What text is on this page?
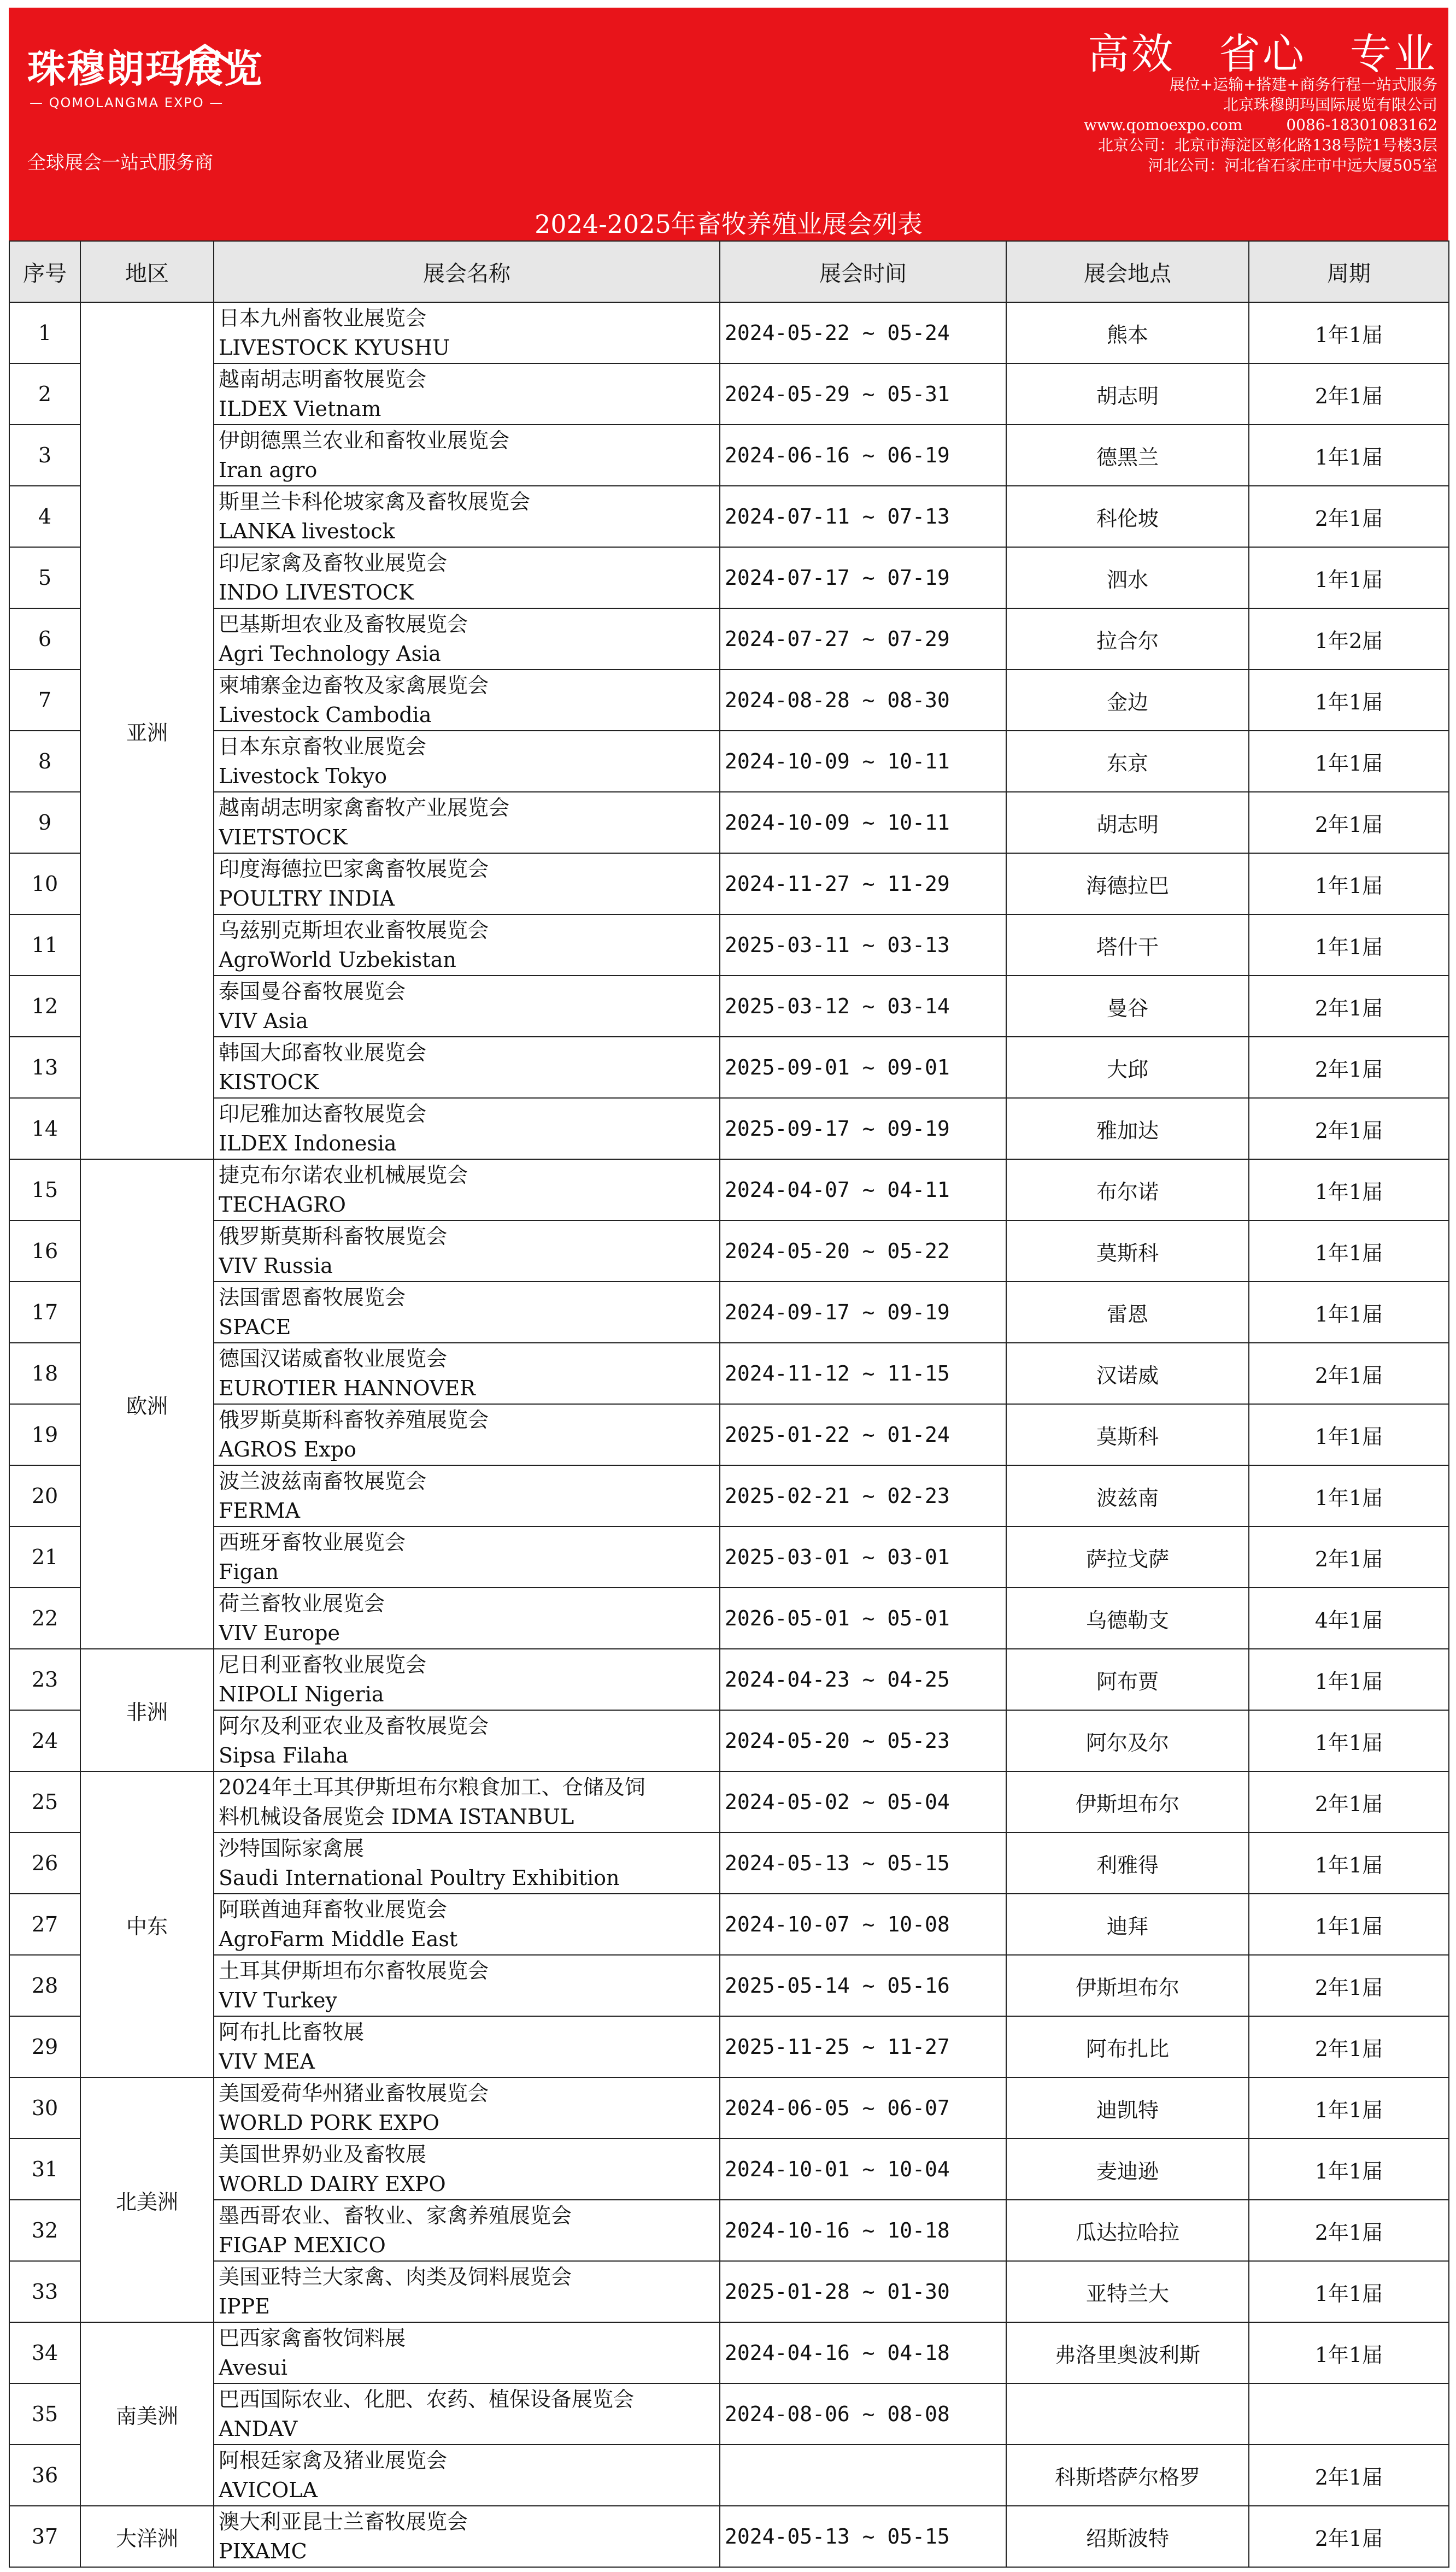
珠穆朗玛展览
— QOMOLANGMA EXPO —
全球展会一站式服务商
高效 省心 专业
展位+运输+搭建+商务行程一站式服务
北京珠穆朗玛国际展览有限公司
www.qomoexpo.com	0086-18301083162
北京公司：北京市海淀区彰化路138号院1号楼3层
河北公司：河北省石家庄市中远大厦505室
2024-2025年畜牧养殖业展会列表
序号	地区	展会名称	展会时间	展会地点	周期
1	亚洲	日本九州畜牧业展览会
LIVESTOCK KYUSHU	2024-05-22 ~ 05-24	熊本	1年1届
2		越南胡志明畜牧展览会
ILDEX Vietnam	2024-05-29 ~ 05-31	胡志明	2年1届
3		伊朗德黑兰农业和畜牧业展览会
Iran agro	2024-06-16 ~ 06-19	德黑兰	1年1届
4		斯里兰卡科伦坡家禽及畜牧展览会
LANKA livestock	2024-07-11 ~ 07-13	科伦坡	2年1届
5		印尼家禽及畜牧业展览会
INDO LIVESTOCK	2024-07-17 ~ 07-19	泗水	1年1届
6		巴基斯坦农业及畜牧展览会
Agri Technology Asia	2024-07-27 ~ 07-29	拉合尔	1年2届
7		柬埔寨金边畜牧及家禽展览会
Livestock Cambodia	2024-08-28 ~ 08-30	金边	1年1届
8		日本东京畜牧业展览会
Livestock Tokyo	2024-10-09 ~ 10-11	东京	1年1届
9		越南胡志明家禽畜牧产业展览会
VIETSTOCK	2024-10-09 ~ 10-11	胡志明	2年1届
10		印度海德拉巴家禽畜牧展览会
POULTRY INDIA	2024-11-27 ~ 11-29	海德拉巴	1年1届
11		乌兹别克斯坦农业畜牧展览会
AgroWorld Uzbekistan	2025-03-11 ~ 03-13	塔什干	1年1届
12		泰国曼谷畜牧展览会
VIV Asia	2025-03-12 ~ 03-14	曼谷	2年1届
13		韩国大邱畜牧业展览会
KISTOCK	2025-09-01 ~ 09-01	大邱	2年1届
14		印尼雅加达畜牧展览会
ILDEX Indonesia	2025-09-17 ~ 09-19	雅加达	2年1届
15	欧洲	捷克布尔诺农业机械展览会
TECHAGRO	2024-04-07 ~ 04-11	布尔诺	1年1届
16		俄罗斯莫斯科畜牧展览会
VIV Russia	2024-05-20 ~ 05-22	莫斯科	1年1届
17		法国雷恩畜牧展览会
SPACE	2024-09-17 ~ 09-19	雷恩	1年1届
18		德国汉诺威畜牧业展览会
EUROTIER HANNOVER	2024-11-12 ~ 11-15	汉诺威	2年1届
19		俄罗斯莫斯科畜牧养殖展览会
AGROS Expo	2025-01-22 ~ 01-24	莫斯科	1年1届
20		波兰波兹南畜牧展览会
FERMA	2025-02-21 ~ 02-23	波兹南	1年1届
21		西班牙畜牧业展览会
Figan	2025-03-01 ~ 03-01	萨拉戈萨	2年1届
22		荷兰畜牧业展览会
VIV Europe	2026-05-01 ~ 05-01	乌德勒支	4年1届
23	非洲	尼日利亚畜牧业展览会
NIPOLI Nigeria	2024-04-23 ~ 04-25	阿布贾	1年1届
24		阿尔及利亚农业及畜牧展览会
Sipsa Filaha	2024-05-20 ~ 05-23	阿尔及尔	1年1届
25	中东	2024年土耳其伊斯坦布尔粮食加工、仓储及饲
料机械设备展览会 IDMA ISTANBUL	2024-05-02 ~ 05-04	伊斯坦布尔	2年1届
26		沙特国际家禽展
Saudi International Poultry Exhibition	2024-05-13 ~ 05-15	利雅得	1年1届
27		阿联酋迪拜畜牧业展览会
AgroFarm Middle East	2024-10-07 ~ 10-08	迪拜	1年1届
28		土耳其伊斯坦布尔畜牧展览会
VIV Turkey	2025-05-14 ~ 05-16	伊斯坦布尔	2年1届
29		阿布扎比畜牧展
VIV MEA	2025-11-25 ~ 11-27	阿布扎比	2年1届
30	北美洲	美国爱荷华州猪业畜牧展览会
WORLD PORK EXPO	2024-06-05 ~ 06-07	迪凯特	1年1届
31		美国世界奶业及畜牧展
WORLD DAIRY EXPO	2024-10-01 ~ 10-04	麦迪逊	1年1届
32		墨西哥农业、畜牧业、家禽养殖展览会
FIGAP MEXICO	2024-10-16 ~ 10-18	瓜达拉哈拉	2年1届
33		美国亚特兰大家禽、肉类及饲料展览会
IPPE	2025-01-28 ~ 01-30	亚特兰大	1年1届
34	南美洲	巴西家禽畜牧饲料展
Avesui	2024-04-16 ~ 04-18	弗洛里奥波利斯	1年1届
35		巴西国际农业、化肥、农药、植保设备展览会
ANDAV	2024-08-06 ~ 08-08		
36		阿根廷家禽及猪业展览会
AVICOLA		科斯塔萨尔格罗	2年1届
37	大洋洲	澳大利亚昆士兰畜牧展览会
PIXAMC	2024-05-13 ~ 05-15	绍斯波特	2年1届
